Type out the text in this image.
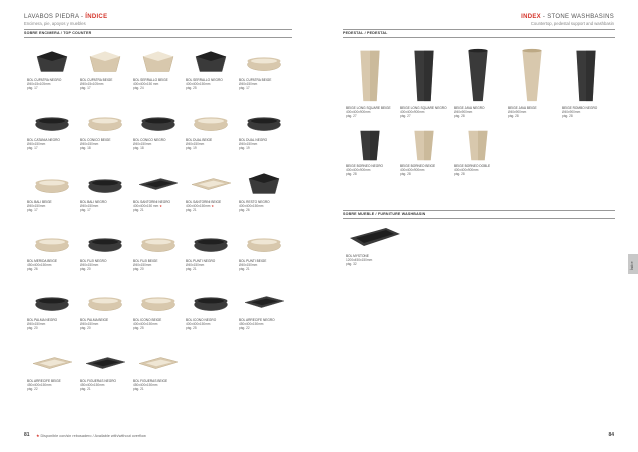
LAVABOS PIEDRA - ÍNDICE
Encimera, pie, apoyos y muebles
INDEX - STONE WASHBASINS
Countertop, pedestal support and washbasin
SOBRE ENCIMERA / TOP COUNTER	PEDESTAL / PEDESTAL
SOBRE MUEBLE / FURNITURE WASHBASIN
BOL CUPATRA NEGRO
Ø40x15x105mm
pág. 17
BOL CUPATRA BEIGE
Ø40x15x105mm
pág. 17
BOL SERRALLO BEIGE
400x400x150 mm
pág. 24
BOL SERRALLO NEGRO
400x400x150mm
pág. 25
BOL CUPATRA BEIGE
Ø40x150mm
pág. 17
BOL CATANIA NEGRO
Ø40x150mm
pág. 17
BOL CONICO BEIGE
Ø40x150mm
pág. 18
BOL CONICO NEGRO
Ø40x150mm
pág. 18
BOL DUAL BEIGE
Ø40x150mm
pág. 19
BOL DUAL NEGRO
Ø40x150mm
pág. 19
BOL BALI BEIGE
Ø40x150mm
pág. 17
BOL BALI NEGRO
Ø40x150mm
pág. 17
BOL SANTORINI NEGRO
400x400x150 mm ★
pág. 21
BOL SANTORINI BEIGE
400x400x150mm ★
pág. 21
BOL RESTO NEGRO
400x400x150mm
pág. 26
BOL MERIDA BEIGE
450x400x150mm
pág. 26
BOL FUJI NEGRO
Ø40x150mm
pág. 20
BOL FUJI BEIGE
Ø40x150mm
pág. 20
BOL PUNTI NEGRO
Ø40x150mm
pág. 21
BOL PUNTI BEIGE
Ø40x150mm
pág. 21
BOL PALMA NEGRO
Ø40x150mm
pág. 20
BOL PALMA BEIGE
Ø40x150mm
pág. 20
BOL ICONO BEIGE
400x400x150mm
pág. 25
BOL ICONO NEGRO
400x400x150mm
pág. 25
BOL ARRECIFE NEGRO
450x400x150mm
pág. 22
BOL ARRECIFE BEIGE
450x400x150mm
pág. 22
BOL FIGUERAS NEGRO
450x400x150mm
pág. 21
BOL FIGUERAS BEIGE
450x400x150mm
pág. 21
BEIGE LONG SQUARE BEIGE
400x400x900mm
pág. 27
BEIGE LONG SQUARE NEGRO
400x400x900mm
pág. 27
BEIGE JAVA NEGRO
Ø40x900mm
pág. 28
BEIGE JAVA BEIGE
Ø40x900mm
pág. 28
BEIGE ROMBO NEGRO
Ø40x900mm
pág. 28
BEIGE BORNEO NEGRO
400x400x900mm
pág. 28
BEIGE BORNEO BEIGE
400x400x900mm
pág. 28
BEIGE BORNEO DOBLE
400x400x900mm
pág. 28
BOL MYSTONE
1200x450x150mm
pág. 32
81 ★ Disponible con/sin rebosadero / Available with/without overflow	84
Índice
